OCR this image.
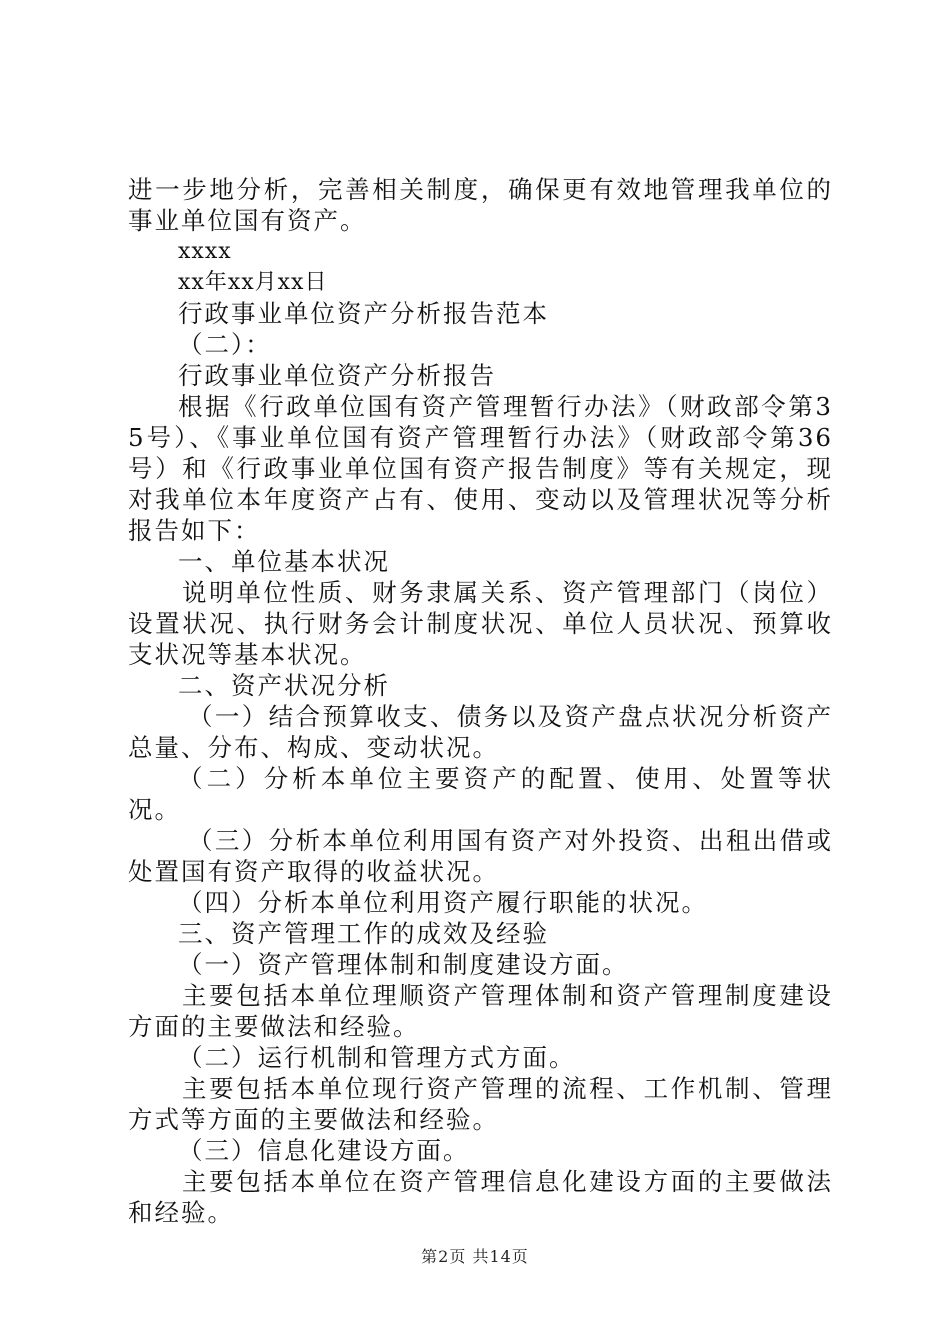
进一步地分析，完善相关制度，确保更有效地管理我单位的事业单位国有资产。

xxxx

xx年xx月xx日

行政事业单位资产分析报告范本

（二）：

行政事业单位资产分析报告

根据《行政单位国有资产管理暂行办法》（财政部令第35号）、《事业单位国有资产管理暂行办法》（财政部令第36号）和《行政事业单位国有资产报告制度》等有关规定，现对我单位本年度资产占有、使用、变动以及管理状况等分析报告如下：

一、单位基本状况

说明单位性质、财务隶属关系、资产管理部门（岗位）设置状况、执行财务会计制度状况、单位人员状况、预算收支状况等基本状况。

二、资产状况分析

（一）结合预算收支、债务以及资产盘点状况分析资产总量、分布、构成、变动状况。

（二）分析本单位主要资产的配置、使用、处置等状况。

（三）分析本单位利用国有资产对外投资、出租出借或处置国有资产取得的收益状况。

（四）分析本单位利用资产履行职能的状况。

三、资产管理工作的成效及经验

（一）资产管理体制和制度建设方面。

主要包括本单位理顺资产管理体制和资产管理制度建设方面的主要做法和经验。

（二）运行机制和管理方式方面。

主要包括本单位现行资产管理的流程、工作机制、管理方式等方面的主要做法和经验。

（三）信息化建设方面。

主要包括本单位在资产管理信息化建设方面的主要做法和经验。

第2页 共14页
